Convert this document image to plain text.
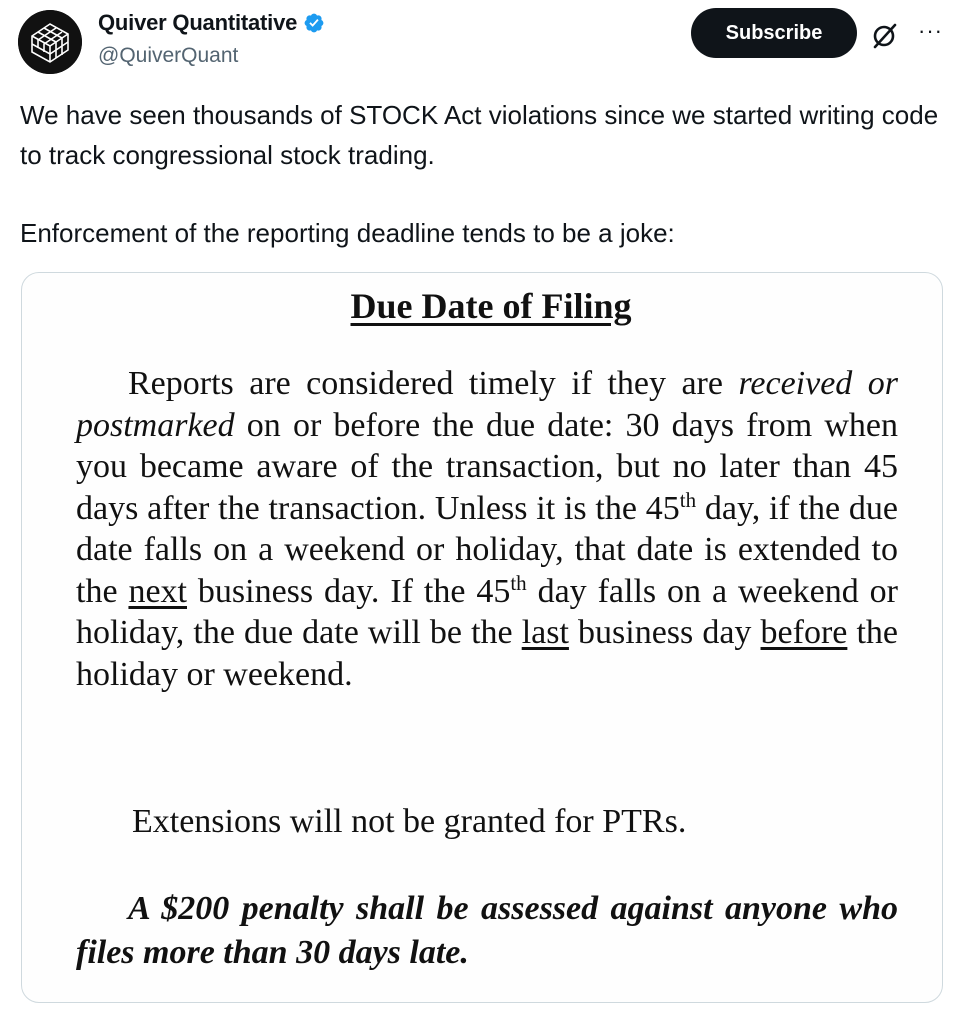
Quiver Quantitative
@QuiverQuant
Subscribe	···

We have seen thousands of STOCK Act violations since we started writing code to track congressional stock trading.

Enforcement of the reporting deadline tends to be a joke:

Due Date of Filing
Reports are considered timely if they are received or postmarked on or before the due date: 30 days from when you became aware of the transaction, but no later than 45 days after the transaction. Unless it is the 45th day, if the due date falls on a weekend or holiday, that date is extended to the next business day. If the 45th day falls on a weekend or holiday, the due date will be the last business day before the holiday or weekend.
Extensions will not be granted for PTRs.
A $200 penalty shall be assessed against anyone who files more than 30 days late.
